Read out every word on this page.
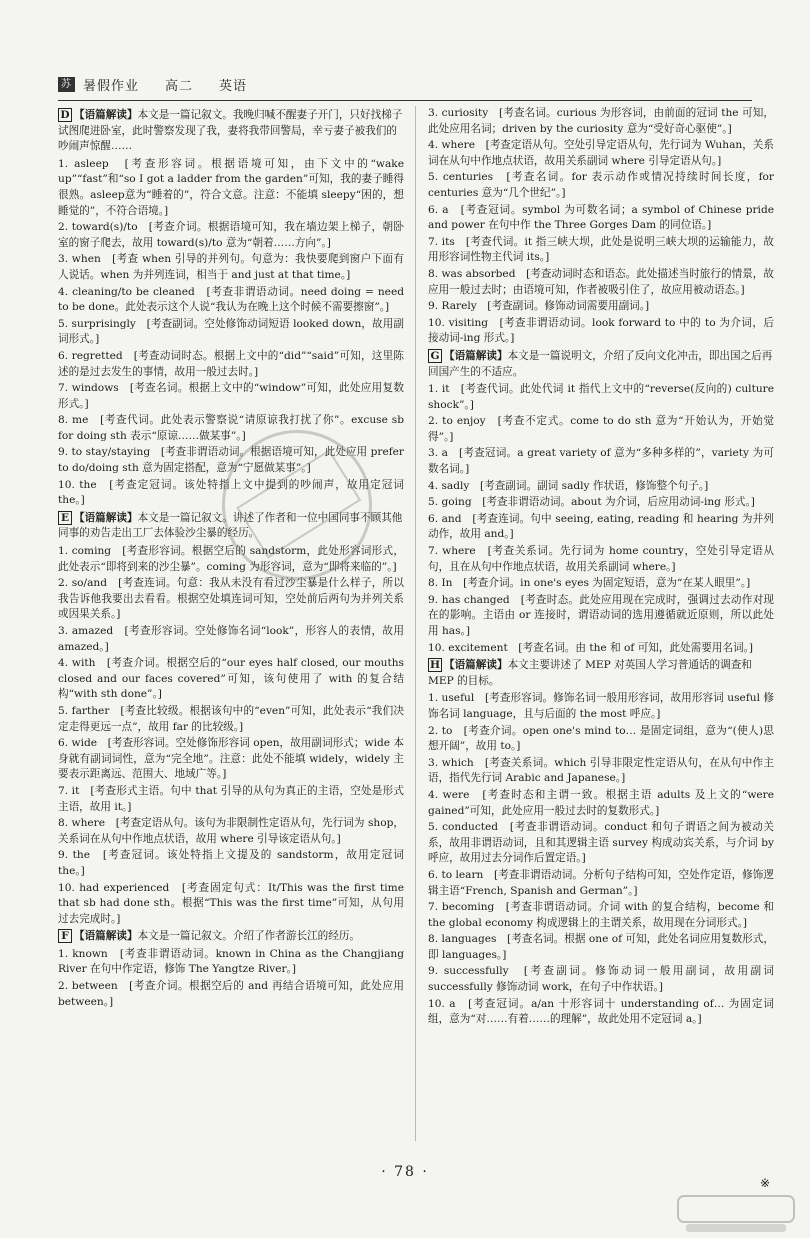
苏 暑假作业 高二 英语
D 【语篇解读】本文是一篇记叙文。我晚归喊不醒妻子开门，只好找梯子试图爬进卧室，此时警察发现了我，妻将我带回警局，幸亏妻子被我们的吵闹声惊醒……
1. asleep　[考查形容词。根据语境可知，由下文中的“wake up”“fast”和“so I got a ladder from the garden”可知，我的妻子睡得很熟。asleep意为“睡着的”，符合文意。注意：不能填 sleepy“困的，想睡觉的”，不符合语境。]
2. toward(s)/to　[考查介词。根据语境可知，我在墙边架上梯子，朝卧室的窗子爬去，故用 toward(s)/to 意为“朝着……方向”。]
3. when　[考查 when 引导的并列句。句意为：我快要爬到窗户下面有人说话。when 为并列连词，相当于 and just at that time。]
4. cleaning/to be cleaned　[考查非谓语动词。need doing = need to be done。此处表示这个人说“我认为在晚上这个时候不需要擦窗”。]
5. surprisingly　[考查副词。空处修饰动词短语 looked down，故用副词形式。]
6. regretted　[考查动词时态。根据上文中的“did”“said”可知，这里陈述的是过去发生的事情，故用一般过去时。]
7. windows　[考查名词。根据上文中的“window”可知，此处应用复数形式。]
8. me　[考查代词。此处表示警察说“请原谅我打扰了你”。excuse sb for doing sth 表示“原谅……做某事”。]
9. to stay/staying　[考查非谓语动词。根据语境可知，此处应用 prefer to do/doing sth 意为固定搭配，意为“宁愿做某事”。]
10. the　[考查定冠词。该处特指上文中提到的吵闹声，故用定冠词 the。]
E 【语篇解读】本文是一篇记叙文。讲述了作者和一位中国同事不顾其他同事的劝告走出工厂去体验沙尘暴的经历。
1. coming　[考查形容词。根据空后的 sandstorm，此处形容词形式，此处表示“即将到来的沙尘暴”。coming 为形容词，意为“即将来临的”。]
2. so/and　[考查连词。句意：我从未没有看过沙尘暴是什么样子，所以我告诉他我要出去看看。根据空处填连词可知，空处前后两句为并列关系或因果关系。]
3. amazed　[考查形容词。空处修饰名词“look”，形容人的表情，故用 amazed。]
4. with　[考查介词。根据空后的“our eyes half closed, our mouths closed and our faces covered”可知，该句使用了 with 的复合结构“with sth done”。]
5. farther　[考查比较级。根据该句中的“even”可知，此处表示“我们决定走得更远一点”，故用 far 的比较级。]
6. wide　[考查形容词。空处修饰形容词 open，故用副词形式；wide 本身就有副词词性，意为“完全地”。注意：此处不能填 widely，widely 主要表示距离远、范围大、地域广等。]
7. it　[考查形式主语。句中 that 引导的从句为真正的主语，空处是形式主语，故用 it。]
8. where　[考查定语从句。该句为非限制性定语从句，先行词为 shop，关系词在从句中作地点状语，故用 where 引导该定语从句。]
9. the　[考查冠词。该处特指上文提及的 sandstorm，故用定冠词 the。]
10. had experienced　[考查固定句式：It/This was the first time that sb had done sth。根据“This was the first time”可知，从句用过去完成时。]
F 【语篇解读】本文是一篇记叙文。介绍了作者游长江的经历。
1. known　[考查非谓语动词。known in China as the Changjiang River 在句中作定语，修饰 The Yangtze River。]
2. between　[考查介词。根据空后的 and 再结合语境可知，此处应用 between。]
3. curiosity　[考查名词。curious 为形容词，由前面的冠词 the 可知，此处应用名词；driven by the curiosity 意为“受好奇心驱使”。]
4. where　[考查定语从句。空处引导定语从句，先行词为 Wuhan，关系词在从句中作地点状语，故用关系副词 where 引导定语从句。]
5. centuries　[考查名词。for 表示动作或情况持续时间长度，for centuries 意为“几个世纪”。]
6. a　[考查冠词。symbol 为可数名词；a symbol of Chinese pride and power 在句中作 the Three Gorges Dam 的同位语。]
7. its　[考查代词。it 指三峡大坝，此处是说明三峡大坝的运输能力，故用形容词性物主代词 its。]
8. was absorbed　[考查动词时态和语态。此处描述当时旅行的情景，故应用一般过去时；由语境可知，作者被吸引住了，故应用被动语态。]
9. Rarely　[考查副词。修饰动词需要用副词。]
10. visiting　[考查非谓语动词。look forward to 中的 to 为介词，后接动词-ing 形式。]
G 【语篇解读】本文是一篇说明文，介绍了反向文化冲击，即出国之后再回国产生的不适应。
1. it　[考查代词。此处代词 it 指代上文中的“reverse(反向的) culture shock”。]
2. to enjoy　[考查不定式。come to do sth 意为“开始认为，开始觉得”。]
3. a　[考查冠词。a great variety of 意为“多种多样的”，variety 为可数名词。]
4. sadly　[考查副词。副词 sadly 作状语，修饰整个句子。]
5. going　[考查非谓语动词。about 为介词，后应用动词-ing 形式。]
6. and　[考查连词。句中 seeing, eating, reading 和 hearing 为并列动作，故用 and。]
7. where　[考查关系词。先行词为 home country，空处引导定语从句，且在从句中作地点状语，故用关系副词 where。]
8. In　[考查介词。in one's eyes 为固定短语，意为“在某人眼里”。]
9. has changed　[考查时态。此处应用现在完成时，强调过去动作对现在的影响。主语由 or 连接时，谓语动词的选用遵循就近原则，所以此处用 has。]
10. excitement　[考查名词。由 the 和 of 可知，此处需要用名词。]
H 【语篇解读】本文主要讲述了 MEP 对英国人学习普通话的调查和 MEP 的目标。
1. useful　[考查形容词。修饰名词一般用形容词，故用形容词 useful 修饰名词 language，且与后面的 the most 呼应。]
2. to　[考查介词。open one's mind to… 是固定词组，意为“(使人)思想开阔”，故用 to。]
3. which　[考查关系词。which 引导非限定性定语从句，在从句中作主语，指代先行词 Arabic and Japanese。]
4. were　[考查时态和主谓一致。根据主语 adults 及上文的“were gained”可知，此处应用一般过去时的复数形式。]
5. conducted　[考查非谓语动词。conduct 和句子谓语之间为被动关系，故用非谓语动词，且和其逻辑主语 survey 构成动宾关系，与介词 by 呼应，故用过去分词作后置定语。]
6. to learn　[考查非谓语动词。分析句子结构可知，空处作定语，修饰逻辑主语“French, Spanish and German”。]
7. becoming　[考查非谓语动词。介词 with 的复合结构，become 和 the global economy 构成逻辑上的主谓关系，故用现在分词形式。]
8. languages　[考查名词。根据 one of 可知，此处名词应用复数形式，即 languages。]
9. successfully　[考查副词。修饰动词一般用副词，故用副词 successfully 修饰动词 work，在句子中作状语。]
10. a　[考查冠词。a/an 十形容词十 understanding of… 为固定词组，意为“对……有着……的理解”，故此处用不定冠词 a。]
· 78 ·
※
